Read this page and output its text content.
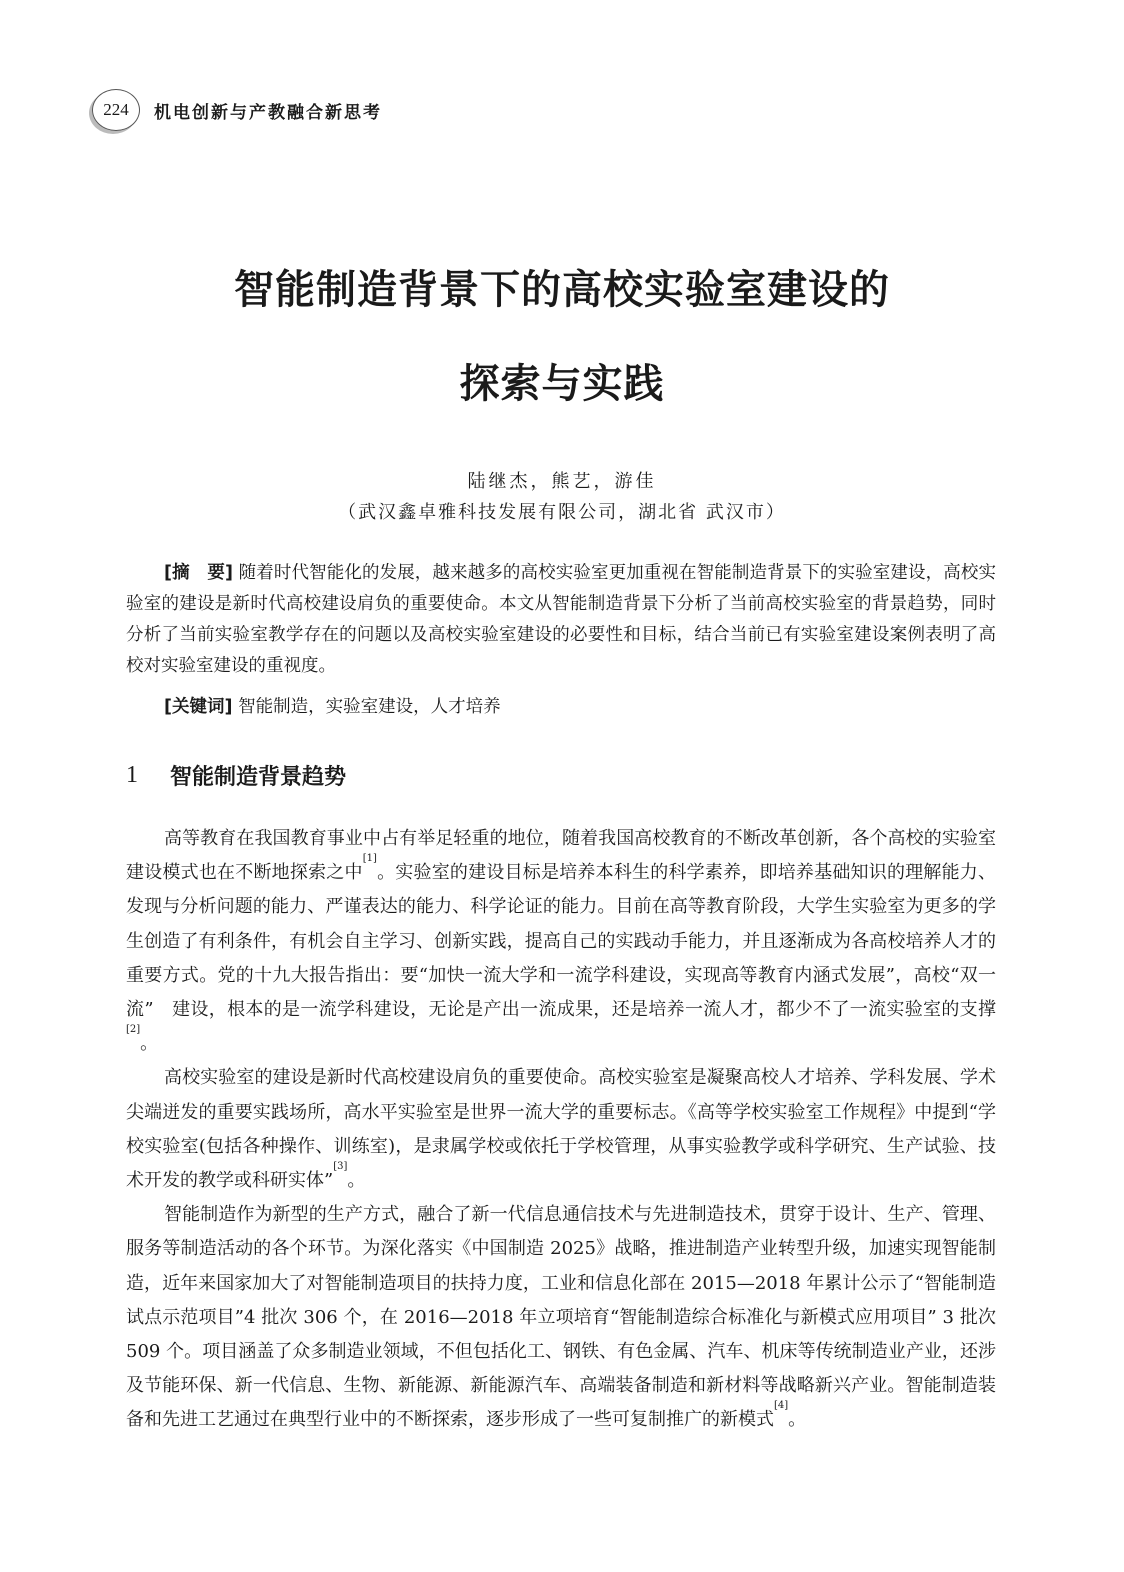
224	机电创新与产教融合新思考
智能制造背景下的高校实验室建设的
探索与实践
陆继杰，熊艺，游佳
（武汉鑫卓雅科技发展有限公司，湖北省 武汉市）

[摘　要] 随着时代智能化的发展，越来越多的高校实验室更加重视在智能制造背景下的实验室建设，高校实验室的建设是新时代高校建设肩负的重要使命。本文从智能制造背景下分析了当前高校实验室的背景趋势，同时分析了当前实验室教学存在的问题以及高校实验室建设的必要性和目标，结合当前已有实验室建设案例表明了高校对实验室建设的重视度。

[关键词] 智能制造，实验室建设，人才培养
1	智能制造背景趋势

高等教育在我国教育事业中占有举足轻重的地位，随着我国高校教育的不断改革创新，各个高校的实验室建设模式也在不断地探索之中[1]。实验室的建设目标是培养本科生的科学素养，即培养基础知识的理解能力、发现与分析问题的能力、严谨表达的能力、科学论证的能力。目前在高等教育阶段，大学生实验室为更多的学生创造了有利条件，有机会自主学习、创新实践，提高自己的实践动手能力，并且逐渐成为各高校培养人才的重要方式。党的十九大报告指出：要“加快一流大学和一流学科建设，实现高等教育内涵式发展”，高校“双一流”　建设，根本的是一流学科建设，无论是产出一流成果，还是培养一流人才，都少不了一流实验室的支撑[2]。

高校实验室的建设是新时代高校建设肩负的重要使命。高校实验室是凝聚高校人才培养、学科发展、学术尖端迸发的重要实践场所，高水平实验室是世界一流大学的重要标志。《高等学校实验室工作规程》中提到“学校实验室(包括各种操作、训练室)，是隶属学校或依托于学校管理，从事实验教学或科学研究、生产试验、技术开发的教学或科研实体”[3]。

智能制造作为新型的生产方式，融合了新一代信息通信技术与先进制造技术，贯穿于设计、生产、管理、服务等制造活动的各个环节。为深化落实《中国制造 2025》战略，推进制造产业转型升级，加速实现智能制造，近年来国家加大了对智能制造项目的扶持力度，工业和信息化部在 2015—2018 年累计公示了“智能制造试点示范项目”4 批次 306 个，在 2016—2018 年立项培育“智能制造综合标准化与新模式应用项目” 3 批次 509 个。项目涵盖了众多制造业领域，不但包括化工、钢铁、有色金属、汽车、机床等传统制造业产业，还涉及节能环保、新一代信息、生物、新能源、新能源汽车、高端装备制造和新材料等战略新兴产业。智能制造装备和先进工艺通过在典型行业中的不断探索，逐步形成了一些可复制推广的新模式[4]。
